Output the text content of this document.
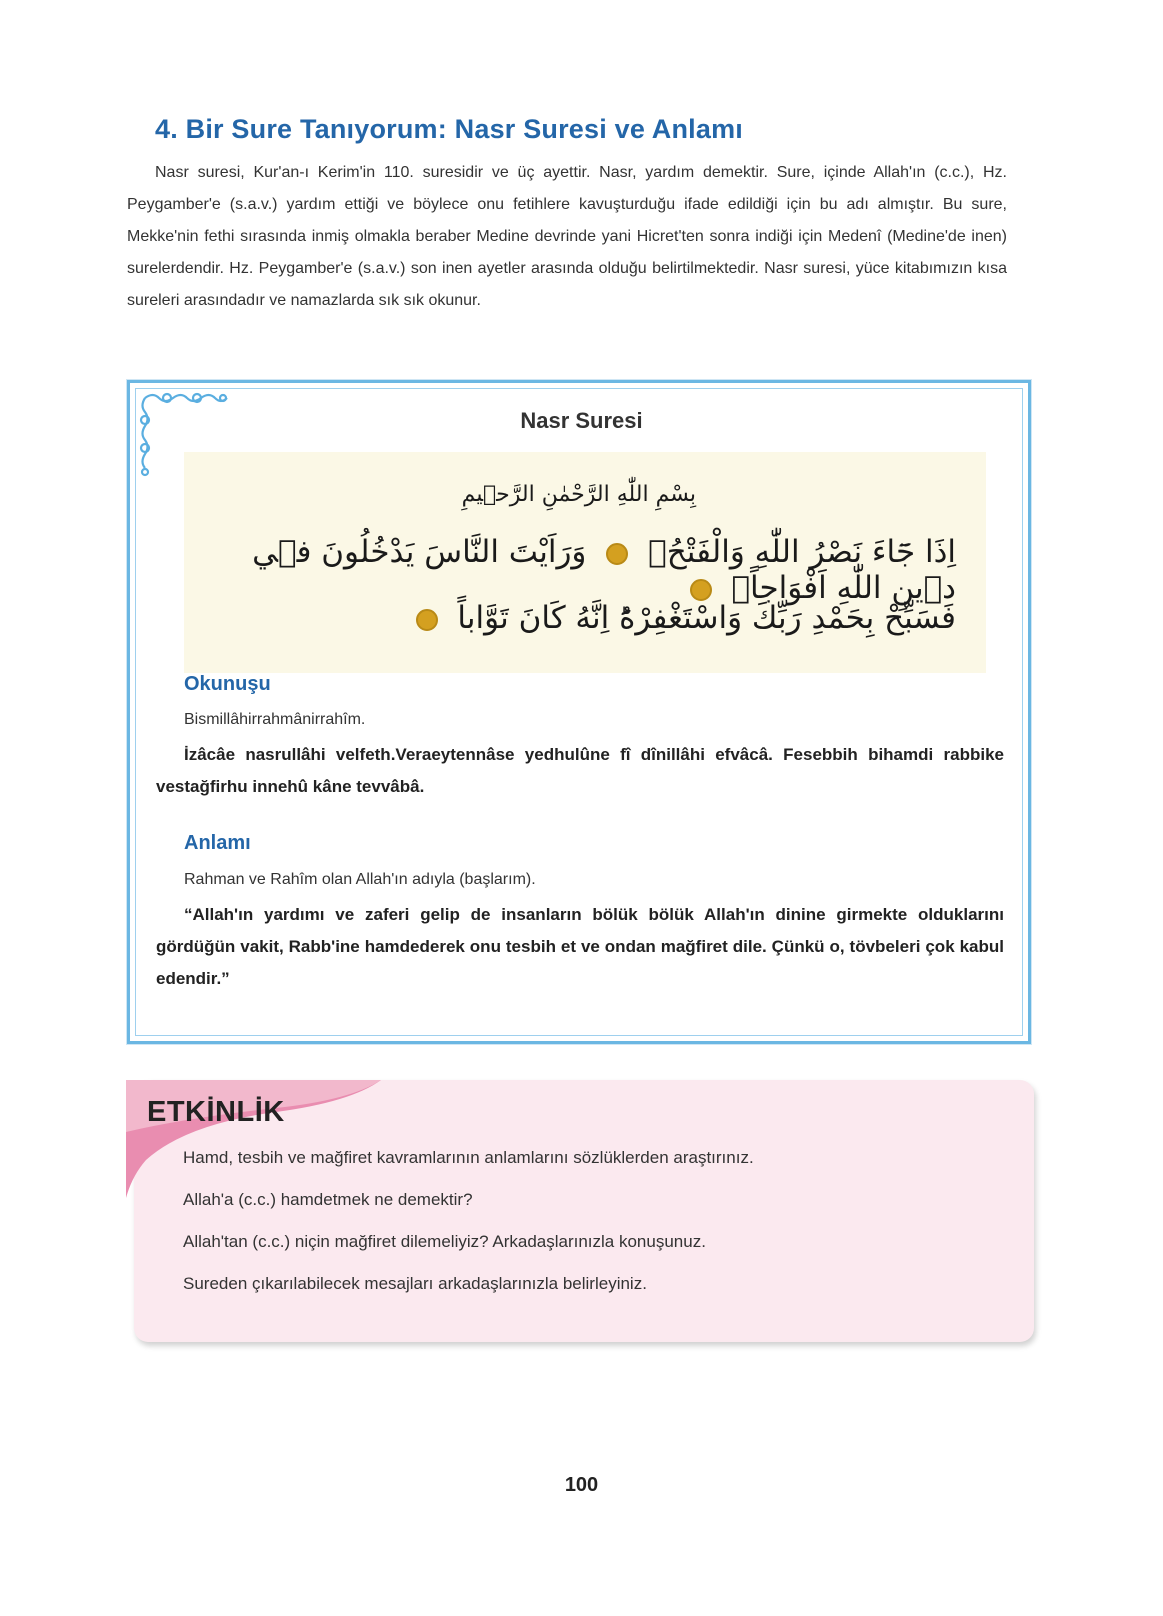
4. Bir Sure Tanıyorum: Nasr Suresi ve Anlamı

Nasr suresi, Kur'an-ı Kerim'in 110. suresidir ve üç ayettir. Nasr, yardım demektir. Sure, içinde Allah'ın (c.c.), Hz. Peygamber'e (s.a.v.) yardım ettiği ve böylece onu fetihlere kavuşturduğu ifade edildiği için bu adı almıştır. Bu sure, Mekke'nin fethi sırasında inmiş olmakla beraber Medine devrinde yani Hicret'ten sonra indiği için Medenî (Medine'de inen) surelerdendir. Hz. Peygamber'e (s.a.v.) son inen ayetler arasında olduğu belirtilmektedir. Nasr suresi, yüce kitabımızın kısa sureleri arasındadır ve namazlarda sık sık okunur.

Nasr Suresi
بِسْمِ اللّٰهِ الرَّحْمٰنِ الرَّح۪يمِ
اِذَا جَٓاءَ نَصْرُ اللّٰهِ وَالْفَتْحُۙ  وَرَاَيْتَ النَّاسَ يَدْخُلُونَ ف۪ي د۪ينِ اللّٰهِ اَفْوَاجاًۙ
فَسَبِّحْ بِحَمْدِ رَبِّكَ وَاسْتَغْفِرْهُؕ اِنَّهُ كَانَ تَوَّاباً
Okunuşu
Bismillâhirrahmânirrahîm.
İzâcâe nasrullâhi velfeth.Veraeytennâse yedhulûne fî dînillâhi efvâcâ. Fesebbih bihamdi rabbike vestağfirhu innehû kâne tevvâbâ.
Anlamı
Rahman ve Rahîm olan Allah'ın adıyla (başlarım).
“Allah'ın yardımı ve zaferi gelip de insanların bölük bölük Allah'ın dinine girmekte olduklarını gördüğün vakit, Rabb'ine hamdederek onu tesbih et ve ondan mağfiret dile. Çünkü o, tövbeleri çok kabul edendir.”
ETKİNLİK
Hamd, tesbih ve mağfiret kavramlarının anlamlarını sözlüklerden araştırınız.
Allah'a (c.c.) hamdetmek ne demektir?
Allah'tan (c.c.) niçin mağfiret dilemeliyiz? Arkadaşlarınızla konuşunuz.
Sureden çıkarılabilecek mesajları arkadaşlarınızla belirleyiniz.
100
